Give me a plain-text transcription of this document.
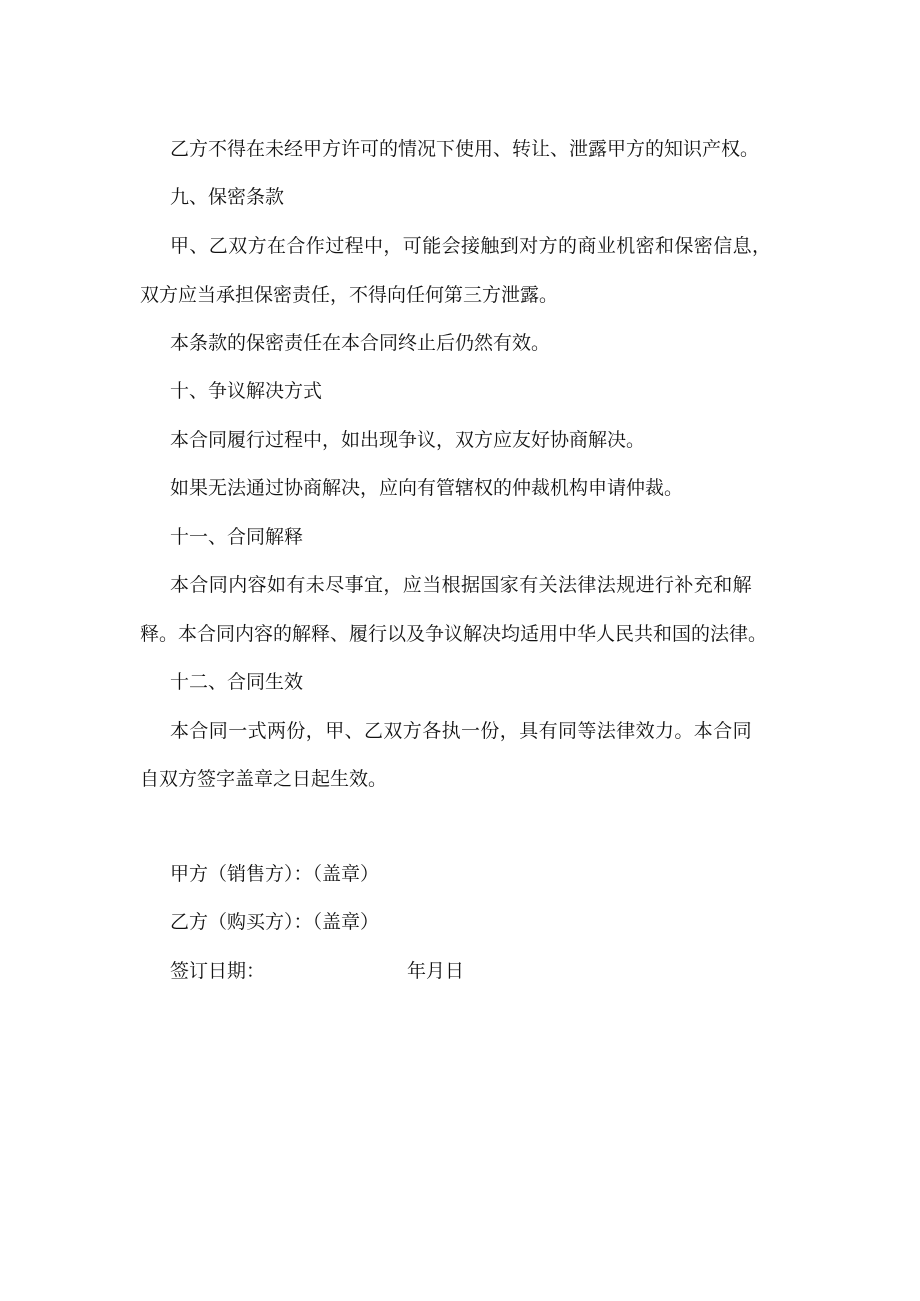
乙方不得在未经甲方许可的情况下使用、转让、泄露甲方的知识产权。
九、保密条款
甲、乙双方在合作过程中，可能会接触到对方的商业机密和保密信息，
双方应当承担保密责任，不得向任何第三方泄露。
本条款的保密责任在本合同终止后仍然有效。
十、争议解决方式
本合同履行过程中，如出现争议，双方应友好协商解决。
如果无法通过协商解决，应向有管辖权的仲裁机构申请仲裁。
十一、合同解释
本合同内容如有未尽事宜，应当根据国家有关法律法规进行补充和解
释。本合同内容的解释、履行以及争议解决均适用中华人民共和国的法律。
十二、合同生效
本合同一式两份，甲、乙双方各执一份，具有同等法律效力。本合同
自双方签字盖章之日起生效。
甲方（销售方）：（盖章）
乙方（购买方）：（盖章）
签订日期：	年月日
